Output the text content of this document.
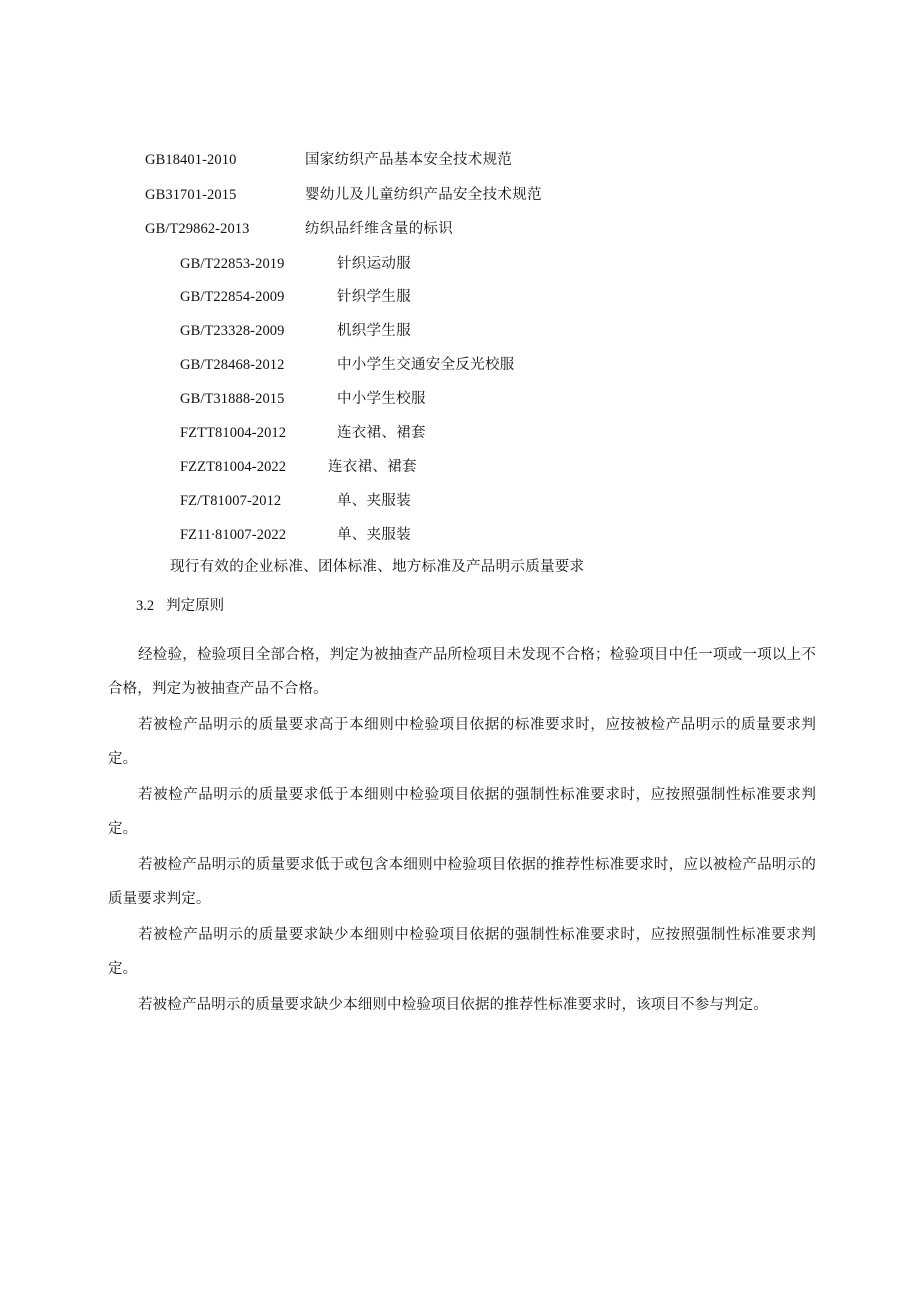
GB18401-2010	国家纺织产品基本安全技术规范
GB31701-2015	婴幼儿及儿童纺织产品安全技术规范
GB/T29862-2013	纺织品纤维含量的标识
GB/T22853-2019	针织运动服
GB/T22854-2009	针织学生服
GB/T23328-2009	机织学生服
GB/T28468-2012	中小学生交通安全反光校服
GB/T31888-2015	中小学生校服
FZTT81004-2012	连衣裙、裙套
FZZT81004-2022	连衣裙、裙套
FZ/T81007-2012	单、夹服装
FZ11∙81007-2022	单、夹服装
现行有效的企业标准、团体标准、地方标准及产品明示质量要求
3.2 判定原则

经检验，检验项目全部合格，判定为被抽查产品所检项目未发现不合格；检验项目中任一项或一项以上不合格，判定为被抽查产品不合格。

若被检产品明示的质量要求高于本细则中检验项目依据的标准要求时，应按被检产品明示的质量要求判定。

若被检产品明示的质量要求低于本细则中检验项目依据的强制性标准要求时，应按照强制性标准要求判定。

若被检产品明示的质量要求低于或包含本细则中检验项目依据的推荐性标准要求时，应以被检产品明示的质量要求判定。

若被检产品明示的质量要求缺少本细则中检验项目依据的强制性标准要求时，应按照强制性标准要求判定。

若被检产品明示的质量要求缺少本细则中检验项目依据的推荐性标准要求时，该项目不参与判定。
